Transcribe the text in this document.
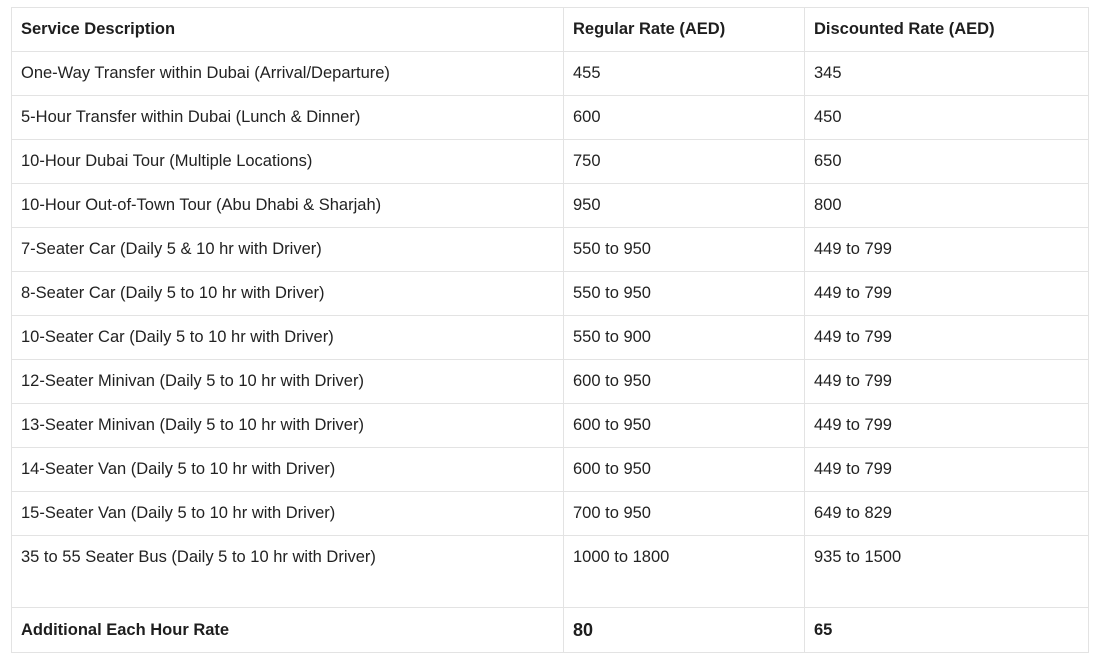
Service Description	Regular Rate (AED)	Discounted Rate (AED)
One-Way Transfer within Dubai (Arrival/Departure)	455	345
5-Hour Transfer within Dubai (Lunch & Dinner)	600	450
10-Hour Dubai Tour (Multiple Locations)	750	650
10-Hour Out-of-Town Tour (Abu Dhabi & Sharjah)	950	800
7-Seater Car (Daily 5 & 10 hr with Driver)	550 to 950	449 to 799
8-Seater Car (Daily 5 to 10 hr with Driver)	550 to 950	449 to 799
10-Seater Car (Daily 5 to 10 hr with Driver)	550 to 900	449 to 799
12-Seater Minivan (Daily 5 to 10 hr with Driver)	600 to 950	449 to 799
13-Seater Minivan (Daily 5 to 10 hr with Driver)	600 to 950	449 to 799
14-Seater Van (Daily 5 to 10 hr with Driver)	600 to 950	449 to 799
15-Seater Van (Daily 5 to 10 hr with Driver)	700 to 950	649 to 829
35 to 55 Seater Bus (Daily 5 to 10 hr with Driver)	1000 to 1800	935 to 1500
Additional Each Hour Rate	80	65
